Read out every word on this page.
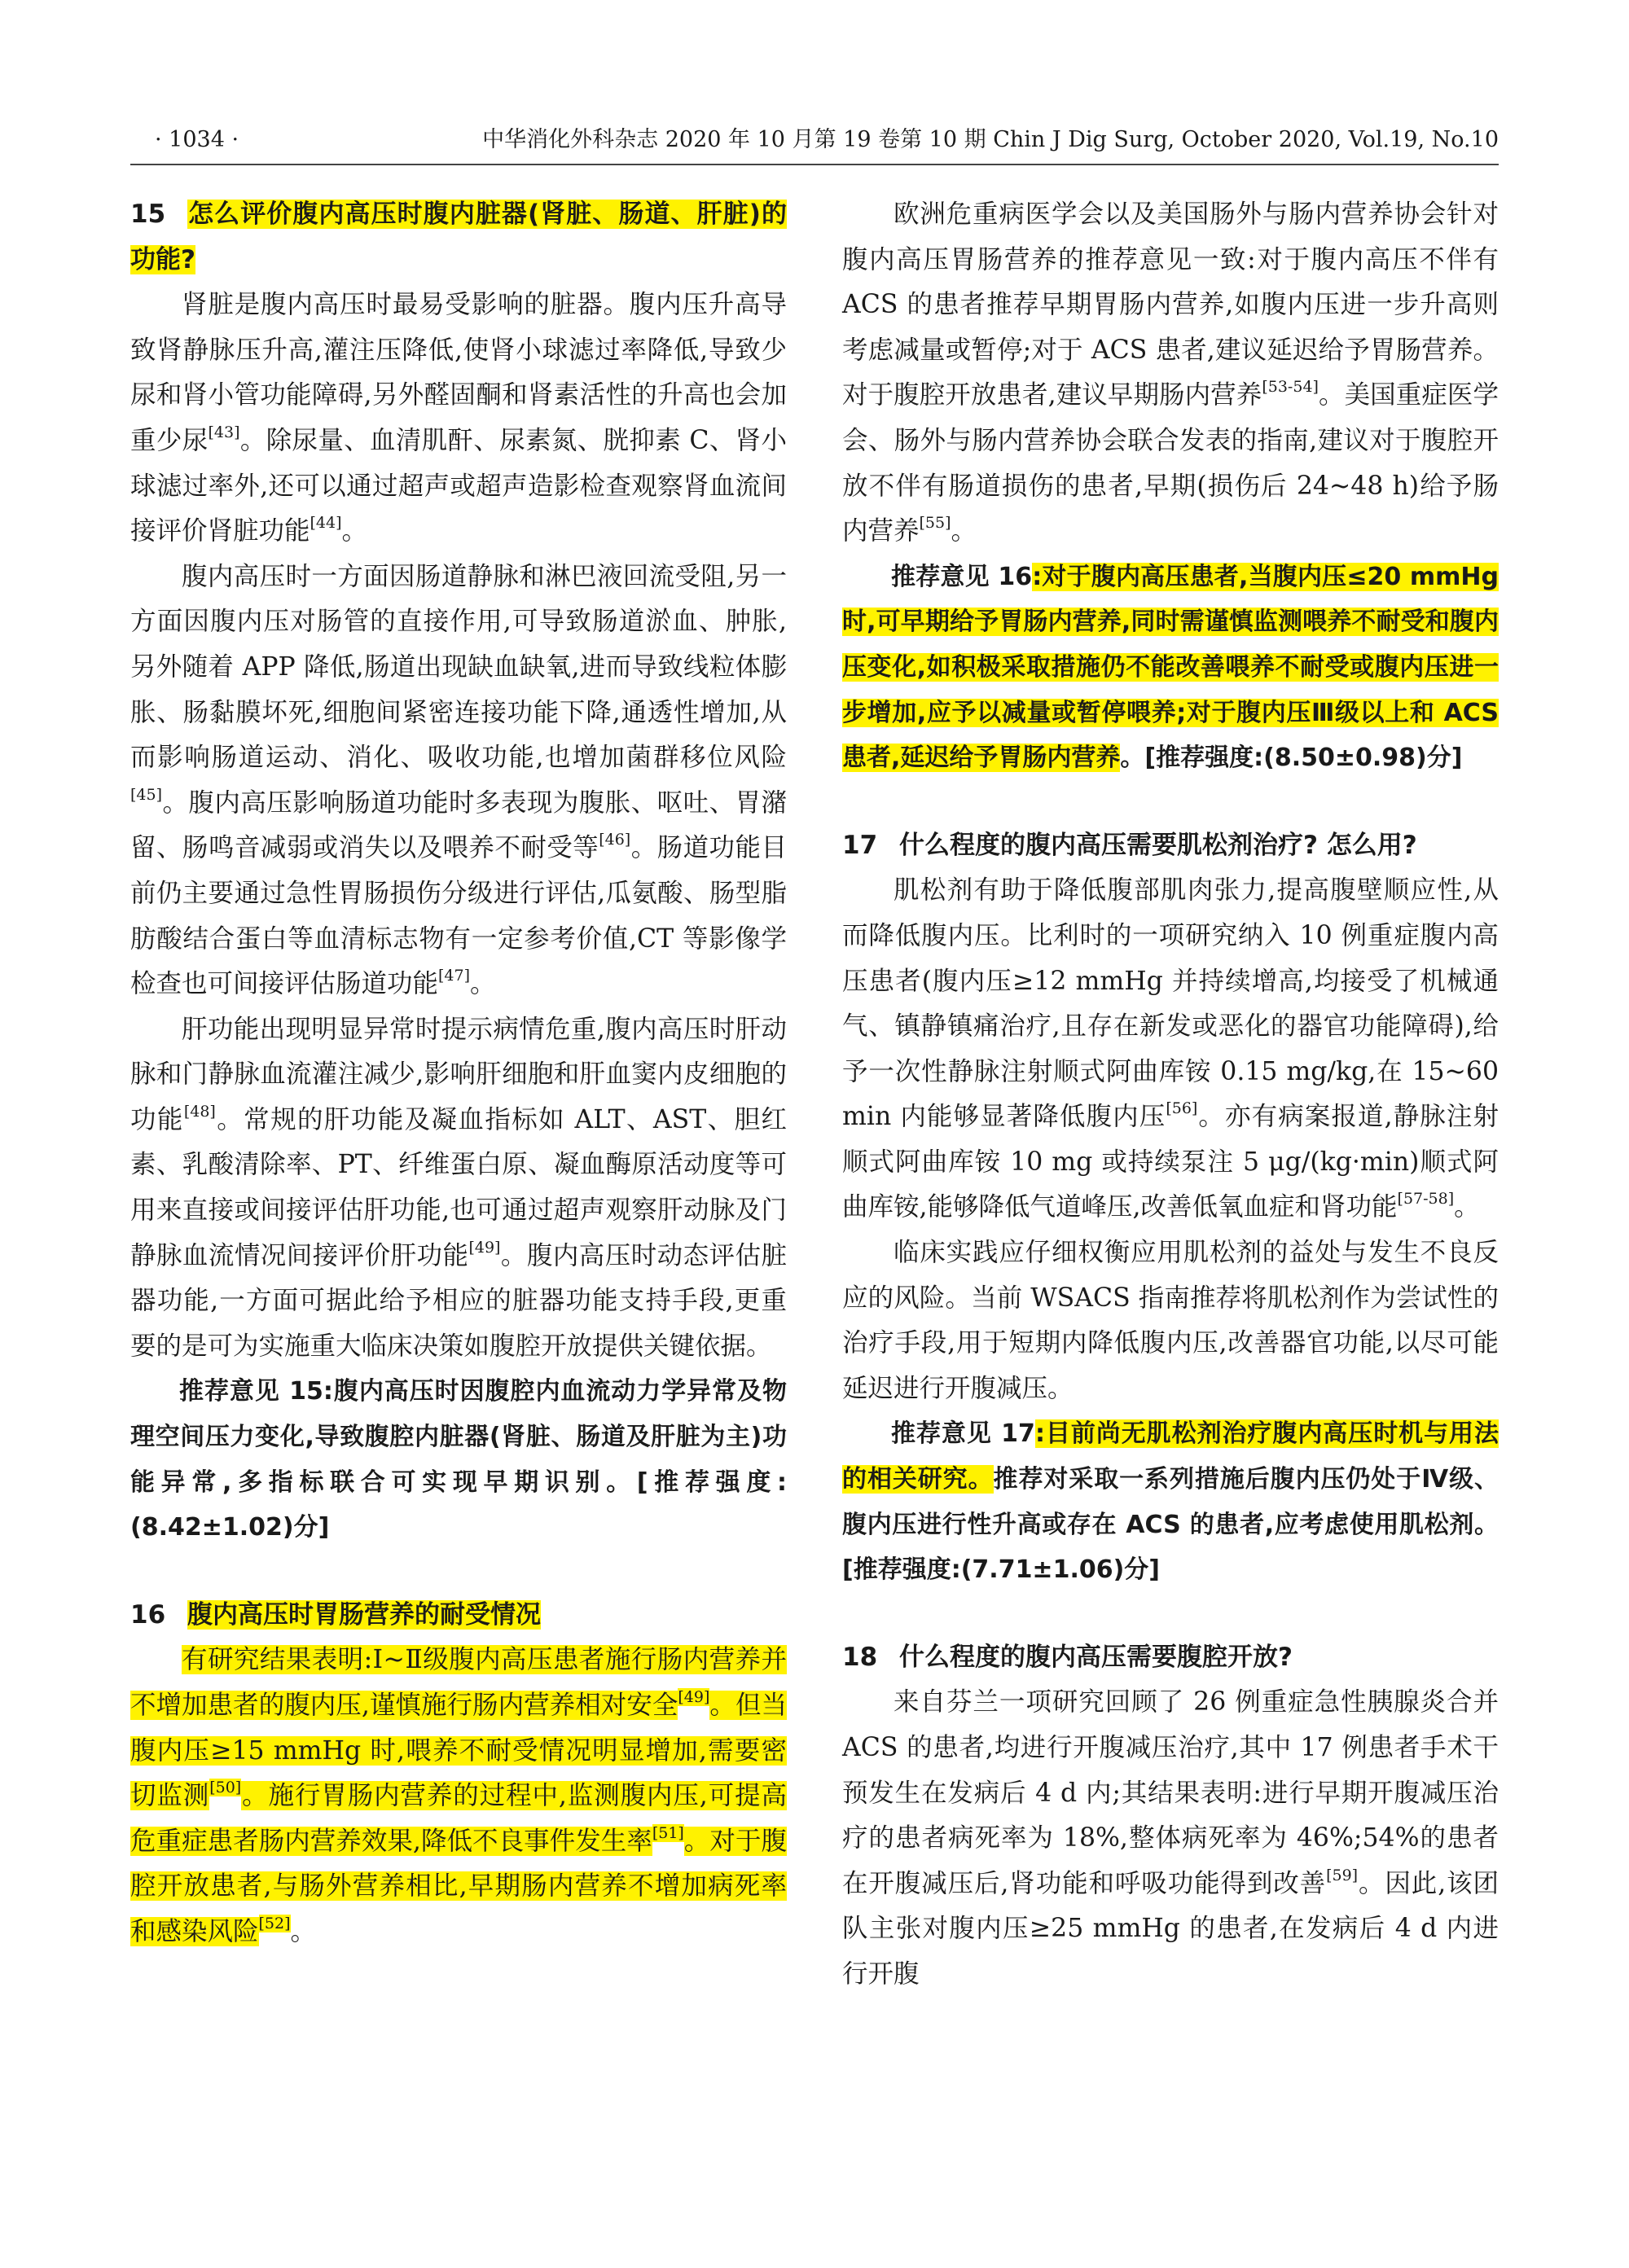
· 1034 ·	中华消化外科杂志 2020 年 10 月第 19 卷第 10 期 Chin J Dig Surg, October 2020, Vol.19, No.10

15 怎么评价腹内高压时腹内脏器(肾脏、肠道、肝脏)的功能?

肾脏是腹内高压时最易受影响的脏器。腹内压升高导致肾静脉压升高,灌注压降低,使肾小球滤过率降低,导致少尿和肾小管功能障碍,另外醛固酮和肾素活性的升高也会加重少尿[43]。除尿量、血清肌酐、尿素氮、胱抑素 C、肾小球滤过率外,还可以通过超声或超声造影检查观察肾血流间接评价肾脏功能[44]。

腹内高压时一方面因肠道静脉和淋巴液回流受阻,另一方面因腹内压对肠管的直接作用,可导致肠道淤血、肿胀,另外随着 APP 降低,肠道出现缺血缺氧,进而导致线粒体膨胀、肠黏膜坏死,细胞间紧密连接功能下降,通透性增加,从而影响肠道运动、消化、吸收功能,也增加菌群移位风险[45]。腹内高压影响肠道功能时多表现为腹胀、呕吐、胃潴留、肠鸣音减弱或消失以及喂养不耐受等[46]。肠道功能目前仍主要通过急性胃肠损伤分级进行评估,瓜氨酸、肠型脂肪酸结合蛋白等血清标志物有一定参考价值,CT 等影像学检查也可间接评估肠道功能[47]。

肝功能出现明显异常时提示病情危重,腹内高压时肝动脉和门静脉血流灌注减少,影响肝细胞和肝血窦内皮细胞的功能[48]。常规的肝功能及凝血指标如 ALT、AST、胆红素、乳酸清除率、PT、纤维蛋白原、凝血酶原活动度等可用来直接或间接评估肝功能,也可通过超声观察肝动脉及门静脉血流情况间接评价肝功能[49]。腹内高压时动态评估脏器功能,一方面可据此给予相应的脏器功能支持手段,更重要的是可为实施重大临床决策如腹腔开放提供关键依据。

推荐意见 15:腹内高压时因腹腔内血流动力学异常及物理空间压力变化,导致腹腔内脏器(肾脏、肠道及肝脏为主)功能异常,多指标联合可实现早期识别。[推荐强度:(8.42±1.02)分]

16 腹内高压时胃肠营养的耐受情况

有研究结果表明:Ⅰ~Ⅱ级腹内高压患者施行肠内营养并不增加患者的腹内压,谨慎施行肠内营养相对安全[49]。但当腹内压≥15 mmHg 时,喂养不耐受情况明显增加,需要密切监测[50]。施行胃肠内营养的过程中,监测腹内压,可提高危重症患者肠内营养效果,降低不良事件发生率[51]。对于腹腔开放患者,与肠外营养相比,早期肠内营养不增加病死率和感染风险[52]。

欧洲危重病医学会以及美国肠外与肠内营养协会针对腹内高压胃肠营养的推荐意见一致:对于腹内高压不伴有 ACS 的患者推荐早期胃肠内营养,如腹内压进一步升高则考虑减量或暂停;对于 ACS 患者,建议延迟给予胃肠营养。对于腹腔开放患者,建议早期肠内营养[53-54]。美国重症医学会、肠外与肠内营养协会联合发表的指南,建议对于腹腔开放不伴有肠道损伤的患者,早期(损伤后 24~48 h)给予肠内营养[55]。

推荐意见 16:对于腹内高压患者,当腹内压≤20 mmHg 时,可早期给予胃肠内营养,同时需谨慎监测喂养不耐受和腹内压变化,如积极采取措施仍不能改善喂养不耐受或腹内压进一步增加,应予以减量或暂停喂养;对于腹内压Ⅲ级以上和 ACS 患者,延迟给予胃肠内营养。[推荐强度:(8.50±0.98)分]

17 什么程度的腹内高压需要肌松剂治疗? 怎么用?

肌松剂有助于降低腹部肌肉张力,提高腹壁顺应性,从而降低腹内压。比利时的一项研究纳入 10 例重症腹内高压患者(腹内压≥12 mmHg 并持续增高,均接受了机械通气、镇静镇痛治疗,且存在新发或恶化的器官功能障碍),给予一次性静脉注射顺式阿曲库铵 0.15 mg/kg,在 15~60 min 内能够显著降低腹内压[56]。亦有病案报道,静脉注射顺式阿曲库铵 10 mg 或持续泵注 5 μg/(kg·min)顺式阿曲库铵,能够降低气道峰压,改善低氧血症和肾功能[57-58]。

临床实践应仔细权衡应用肌松剂的益处与发生不良反应的风险。当前 WSACS 指南推荐将肌松剂作为尝试性的治疗手段,用于短期内降低腹内压,改善器官功能,以尽可能延迟进行开腹减压。

推荐意见 17:目前尚无肌松剂治疗腹内高压时机与用法的相关研究。推荐对采取一系列措施后腹内压仍处于Ⅳ级、腹内压进行性升高或存在 ACS 的患者,应考虑使用肌松剂。[推荐强度:(7.71±1.06)分]

18 什么程度的腹内高压需要腹腔开放?

来自芬兰一项研究回顾了 26 例重症急性胰腺炎合并 ACS 的患者,均进行开腹减压治疗,其中 17 例患者手术干预发生在发病后 4 d 内;其结果表明:进行早期开腹减压治疗的患者病死率为 18%,整体病死率为 46%;54%的患者在开腹减压后,肾功能和呼吸功能得到改善[59]。因此,该团队主张对腹内压≥25 mmHg 的患者,在发病后 4 d 内进行开腹
